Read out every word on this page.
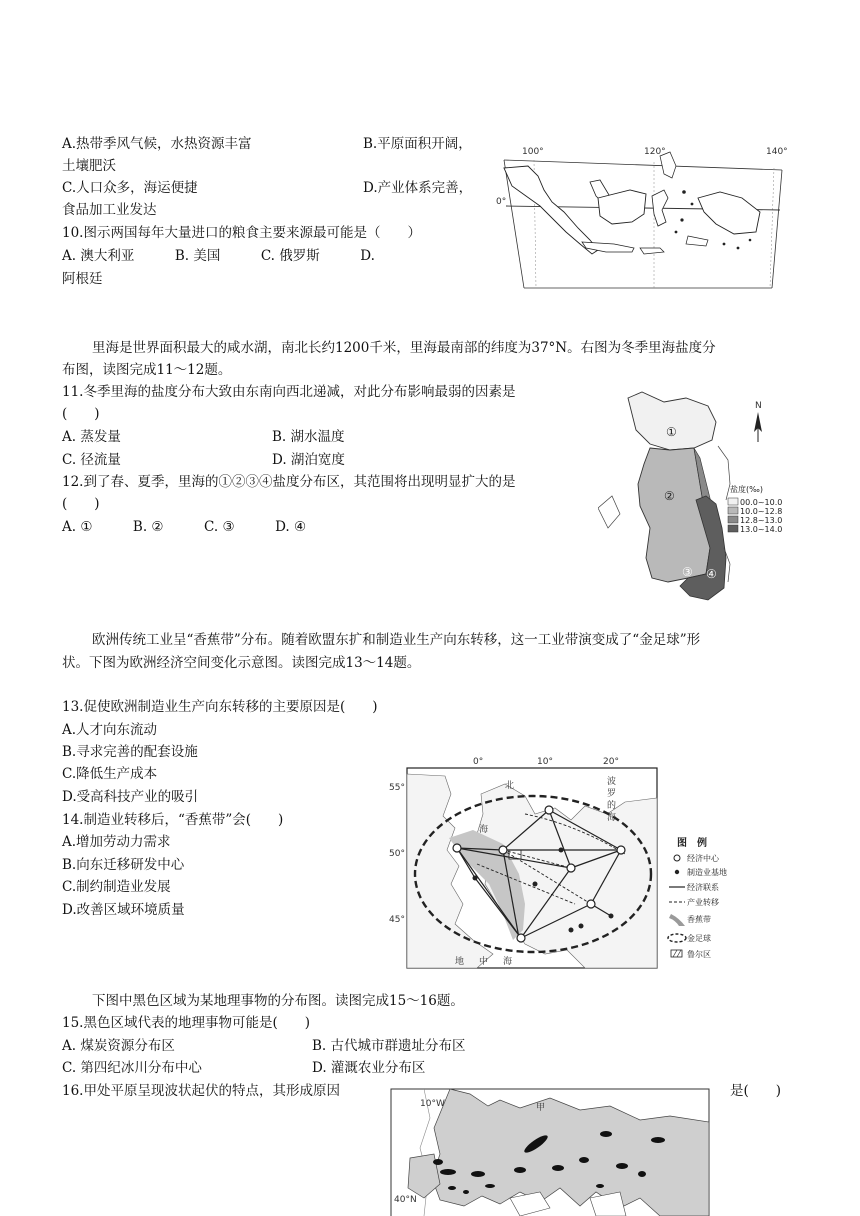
A.热带季风气候，水热资源丰富	B.平原面积开阔，
土壤肥沃
C.人口众多，海运便捷	D.产业体系完善，
食品加工业发达
10.图示两国每年大量进口的粮食主要来源最可能是（　　）
A. 澳大利亚　　　B. 美国　　　C. 俄罗斯　　　D.
阿根廷
100°	120°	140°
0°
里海是世界面积最大的咸水湖，南北长约1200千米，里海最南部的纬度为37°N。右图为冬季里海盐度分
布图，读图完成11～12题。
11.冬季里海的盐度分布大致由东南向西北递减，对此分布影响最弱的因素是
(　　)
A. 蒸发量	B. 湖水温度
C. 径流量	D. 湖泊宽度
12.到了春、夏季，里海的①②③④盐度分布区，其范围将出现明显扩大的是
(　　)
A. ①　　　B. ②　　　C. ③　　　D. ④
①
②
③ ④
N
盐度(‰)
00.0~10.0
10.0~12.8
12.8~13.0
13.0~14.0
欧洲传统工业呈“香蕉带”分布。随着欧盟东扩和制造业生产向东转移，这一工业带演变成了“金足球”形
状。下图为欧洲经济空间变化示意图。读图完成13～14题。
13.促使欧洲制造业生产向东转移的主要原因是(　　)
A.人才向东流动
B.寻求完善的配套设施
C.降低生产成本
D.受高科技产业的吸引
14.制造业转移后，“香蕉带”会(　　)
A.增加劳动力需求
B.向东迁移研发中心
C.制约制造业发展
D.改善区域环境质量
0°	10°	20°
55°
50°
45°
北
海
波
罗
的
海
地 中 海
图　例
经济中心
制造业基地
经济联系
产业转移
香蕉带
金足球
鲁尔区
下图中黑色区域为某地理事物的分布图。读图完成15～16题。
15.黑色区域代表的地理事物可能是(　　)
A. 煤炭资源分布区	B. 古代城市群遗址分布区
C. 第四纪冰川分布中心	D. 灌溉农业分布区
16.甲处平原呈现波状起伏的特点，其形成原因	是(　　)
10°W
40°N
甲
